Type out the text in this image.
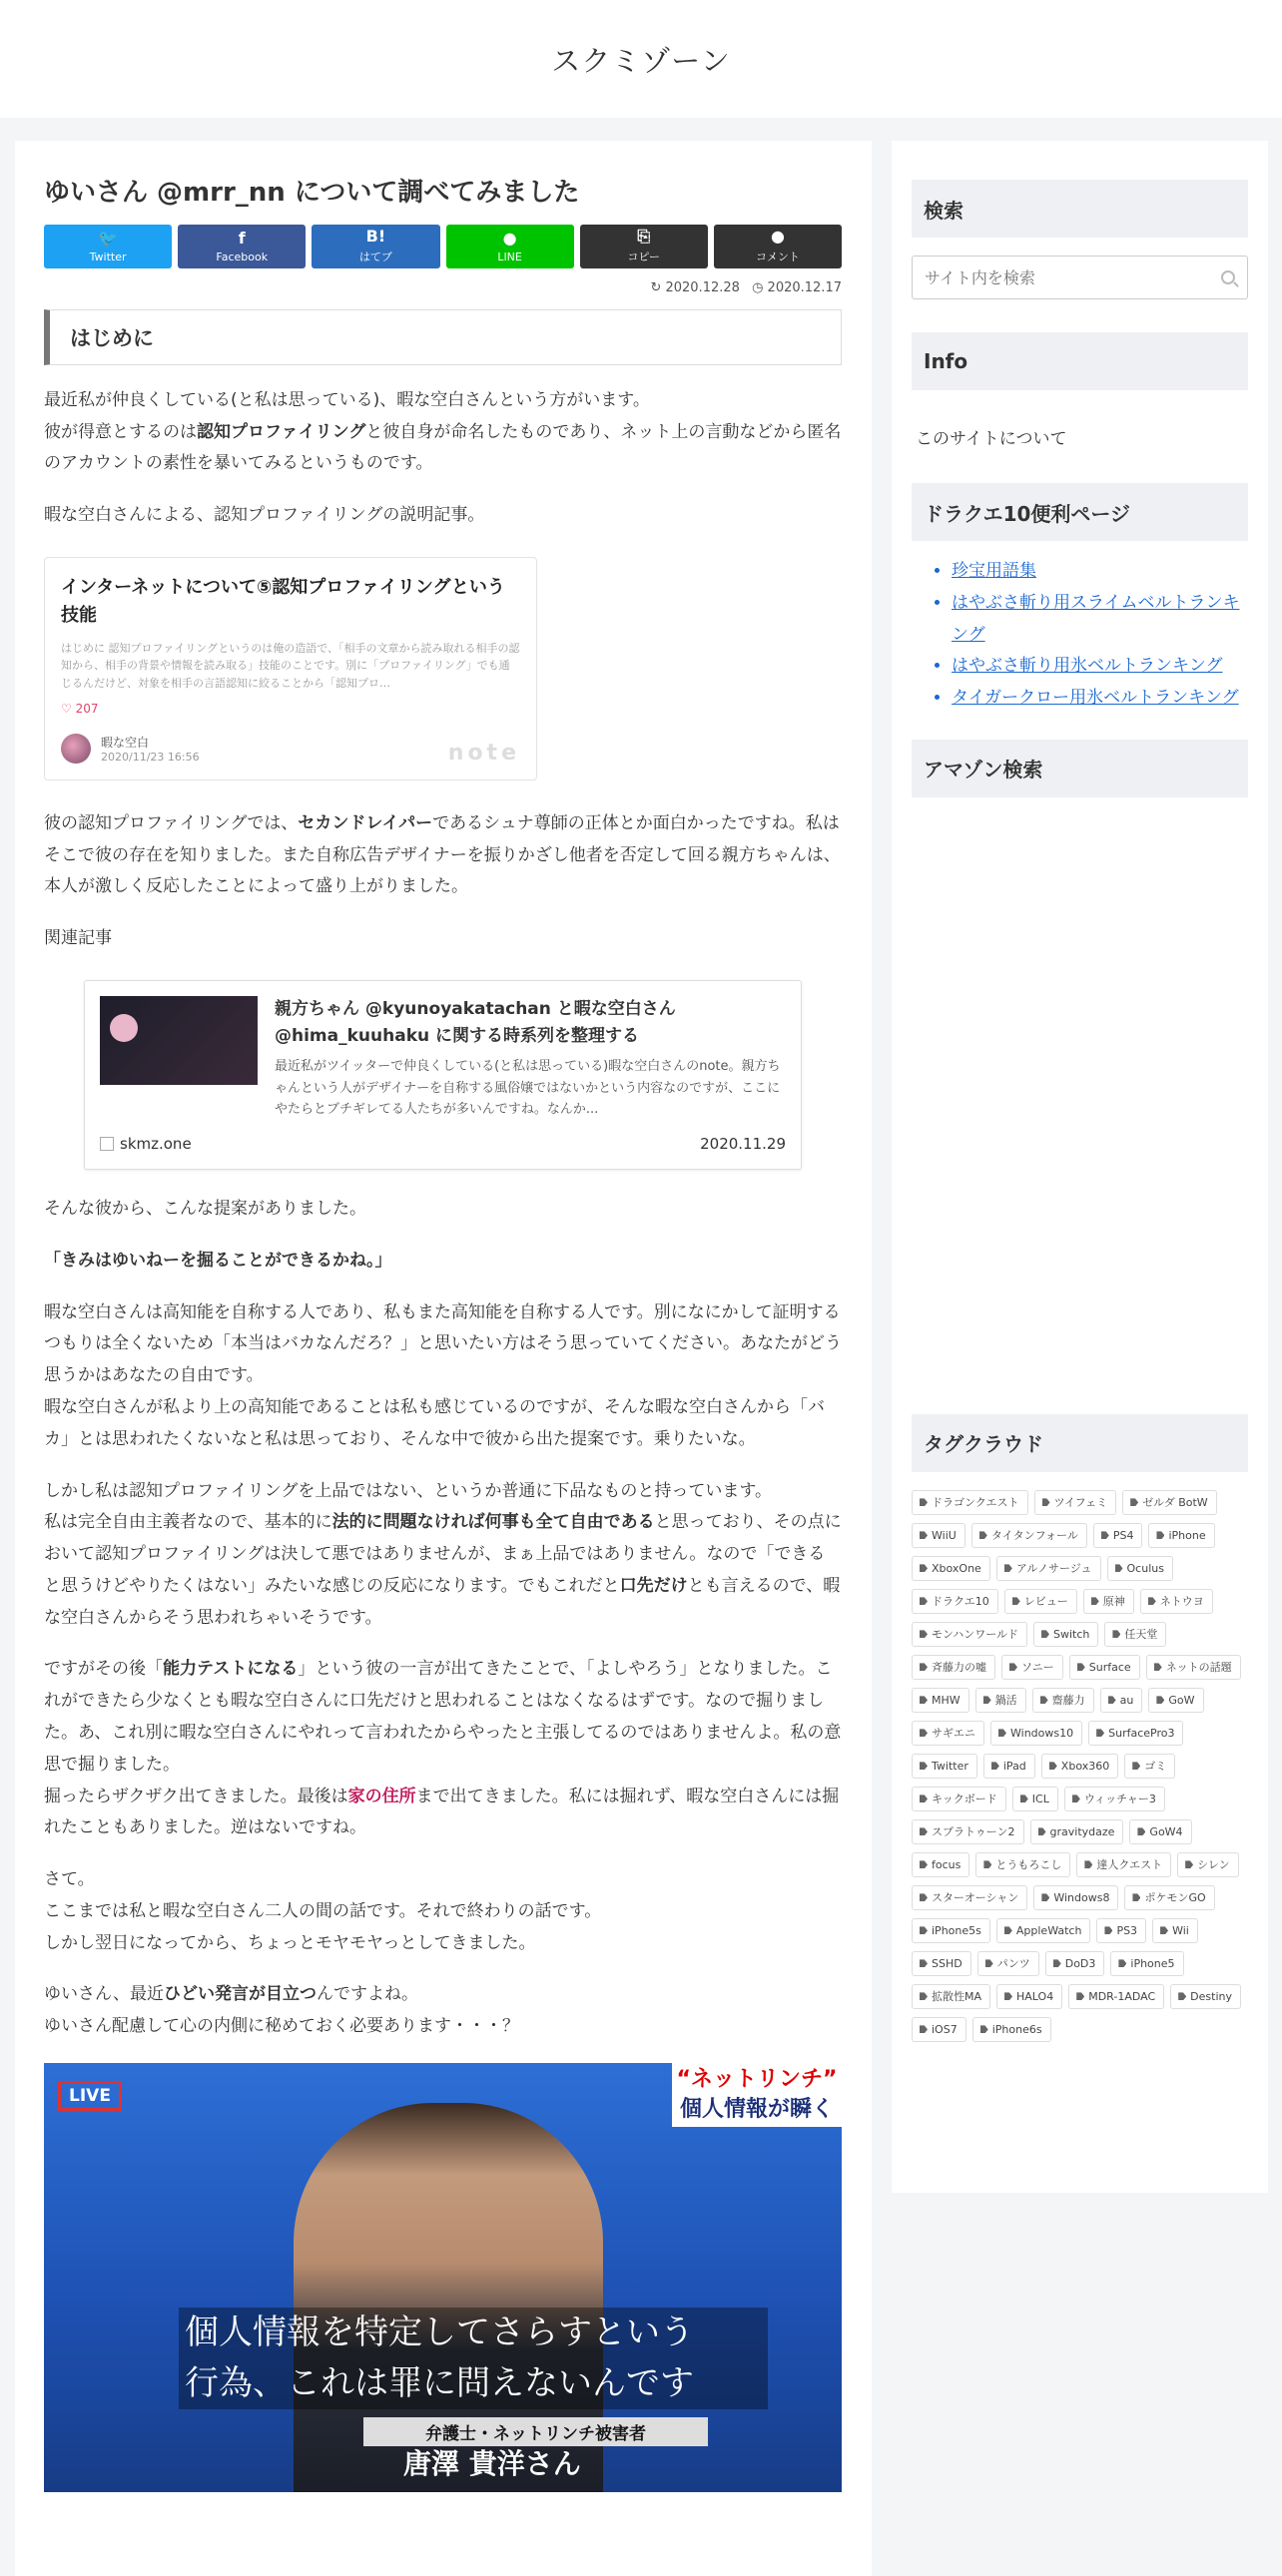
スクミゾーン
ゆいさん @mrr_nn について調べてみました
🐦
Twitter
f
Facebook
B!
はてブ
●
LINE
⎘
コピー
●
コメント
↻ 2020.12.28 ◷ 2020.12.17
はじめに
最近私が仲良くしている(と私は思っている)、暇な空白さんという方がいます。
彼が得意とするのは認知プロファイリングと彼自身が命名したものであり、ネット上の言動などから匿名のアカウントの素性を暴いてみるというものです。
暇な空白さんによる、認知プロファイリングの説明記事。
インターネットについて⑤認知プロファイリングという技能
はじめに 認知プロファイリングというのは俺の造語で、「相手の文章から読み取れる相手の認知から、相手の背景や情報を読み取る」技能のことです。別に「プロファイリング」でも通じるんだけど、対象を相手の言語認知に絞ることから「認知プロ…
♡ 207
暇な空白
2020/11/23 16:56	note
彼の認知プロファイリングでは、セカンドレイパーであるシュナ尊師の正体とか面白かったですね。私はそこで彼の存在を知りました。また自称広告デザイナーを振りかざし他者を否定して回る親方ちゃんは、本人が激しく反応したことによって盛り上がりました。
関連記事
親方ちゃん @kyunoyakatachan と暇な空白さん @hima_kuuhaku に関する時系列を整理する
最近私がツイッターで仲良くしている(と私は思っている)暇な空白さんのnote。親方ちゃんという人がデザイナーを自称する風俗嬢ではないかという内容なのですが、ここにやたらとブチギレてる人たちが多いんですね。なんか...
skmz.one	2020.11.29
そんな彼から、こんな提案がありました。
「きみはゆいねーを掘ることができるかね。」
暇な空白さんは高知能を自称する人であり、私もまた高知能を自称する人です。別になにかして証明するつもりは全くないため「本当はバカなんだろ？」と思いたい方はそう思っていてください。あなたがどう思うかはあなたの自由です。
暇な空白さんが私より上の高知能であることは私も感じているのですが、そんな暇な空白さんから「バカ」とは思われたくないなと私は思っており、そんな中で彼から出た提案です。乗りたいな。
しかし私は認知プロファイリングを上品ではない、というか普通に下品なものと持っています。
私は完全自由主義者なので、基本的に法的に問題なければ何事も全て自由であると思っており、その点において認知プロファイリングは決して悪ではありませんが、まぁ上品ではありません。なので「できると思うけどやりたくはない」みたいな感じの反応になります。でもこれだと口先だけとも言えるので、暇な空白さんからそう思われちゃいそうです。
ですがその後「能力テストになる」という彼の一言が出てきたことで、「よしやろう」となりました。これができたら少なくとも暇な空白さんに口先だけと思われることはなくなるはずです。なので掘りました。あ、これ別に暇な空白さんにやれって言われたからやったと主張してるのではありませんよ。私の意思で掘りました。
掘ったらザクザク出てきました。最後は家の住所まで出てきました。私には掘れず、暇な空白さんには掘れたこともありました。逆はないですね。
さて。
ここまでは私と暇な空白さん二人の間の話です。それで終わりの話です。
しかし翌日になってから、ちょっとモヤモヤっとしてきました。
ゆいさん、最近ひどい発言が目立つんですよね。
ゆいさん配慮して心の内側に秘めておく必要あります・・・？
LIVE
“ネットリンチ”
個人情報が瞬く
個人情報を特定してさらすという
行為、これは罪に問えないんです
弁護士・ネットリンチ被害者
唐澤 貴洋さん
検索
サイト内を検索
Info
このサイトについて
ドラクエ10便利ページ
• 珍宝用語集
• はやぶさ斬り用スライムベルトランキング
• はやぶさ斬り用氷ベルトランキング
• タイガークロー用氷ベルトランキング
アマゾン検索
タグクラウド
ドラゴンクエスト	ツイフェミ	ゼルダ BotW
WiiU	タイタンフォール	PS4	iPhone
XboxOne	アルノサージュ	Oculus
ドラクエ10	レビュー	原神	ネトウヨ
モンハンワールド	Switch	任天堂
斉藤力の嘘	ソニー	Surface	ネットの話題
MHW	鍋活	齋藤力	au	GoW
サギエニ	Windows10	SurfacePro3
Twitter	iPad	Xbox360	ゴミ
キックボード	ICL	ウィッチャー3
スプラトゥーン2	gravitydaze	GoW4
focus	とうもろこし	達人クエスト	シレン
スターオーシャン	Windows8	ポケモンGO
iPhone5s	AppleWatch	PS3	Wii
SSHD	パンツ	DoD3	iPhone5
拡散性MA	HALO4	MDR-1ADAC	Destiny
iOS7	iPhone6s
